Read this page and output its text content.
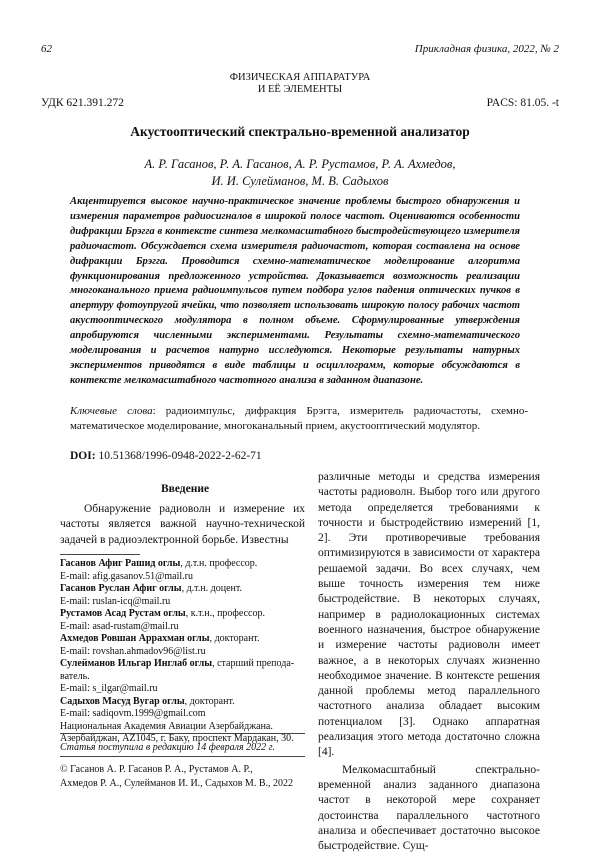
62	Прикладная физика, 2022, № 2
ФИЗИЧЕСКАЯ АППАРАТУРА
И ЕЁ ЭЛЕМЕНТЫ
УДК 621.391.272	PACS: 81.05. -t
Акустооптический спектрально-временной анализатор
А. Р. Гасанов, Р. А. Гасанов, А. Р. Рустамов, Р. А. Ахмедов,
И. И. Сулейманов, М. В. Садыхов
Акцентируется высокое научно-практическое значение проблемы быстрого обнаружения и измерения параметров радиосигналов в широкой полосе частот. Оцениваются особенности дифракции Брэгга в контексте синтеза мелкомасштабного быстродействующего измерителя радиочастот. Обсуждается схема измерителя радиочастот, которая составлена на основе дифракции Брэгга. Проводится схемно-математическое моделирование алгоритма функционирования предложенного устройства. Доказывается возможность реализации многоканального приема радиоимпульсов путем подбора углов падения оптических пучков в апертуру фотоупругой ячейки, что позволяет использовать широкую полосу рабочих частот акустооптического модулятора в полном объеме. Сформулированные утверждения апробируются численными экспериментами. Результаты схемно-математического моделирования и расчетов натурно исследуются. Некоторые результаты натурных экспериментов приводятся в виде таблицы и осциллограмм, которые обсуждаются в контексте мелкомасштабного частотного анализа в заданном диапазоне.
Ключевые слова: радиоимпульс, дифракция Брэгга, измеритель радиочастоты, схемно-математическое моделирование, многоканальный прием, акустооптический модулятор.
DOI: 10.51368/1996-0948-2022-2-62-71
Введение
Обнаружение радиоволн и измерение их частоты является важной научно-технической задачей в радиоэлектронной борьбе. Известны
Гасанов Афиг Рашид оглы, д.т.н. профессор.
E-mail: afig.gasanov.51@mail.ru
Гасанов Руслан Афиг оглы, д.т.н. доцент.
E-mail: ruslan-icq@mail.ru
Рустамов Асад Рустам оглы, к.т.н., профессор.
E-mail: asad-rustam@mail.ru
Ахмедов Ровшан Аррахман оглы, докторант.
E-mail: rovshan.ahmadov96@list.ru
Сулейманов Ильгар Инглаб оглы, старший препода-
ватель.
E-mail: s_ilgar@mail.ru
Садыхов Масуд Вугар оглы, докторант.
E-mail: sadiqovm.1999@gmail.com
Национальная Академия Авиации Азербайджана.
Азербайджан, AZ1045, г. Баку, проспект Мардакан, 30.
Статья поступила в редакцию 14 февраля 2022 г.
© Гасанов А. Р. Гасанов Р. А., Рустамов А. Р.,
Ахмедов Р. А., Сулейманов И. И., Садыхов М. В., 2022

различные методы и средства измерения частоты радиоволн. Выбор того или другого метода определяется требованиями к точности и быстродействию измерений [1, 2]. Эти противоречивые требования оптимизируются в зависимости от характера решаемой задачи. Во всех случаях, чем выше точность измерения тем ниже быстродействие. В некоторых случаях, например в радиолокационных системах военного назначения, быстрое обнаружение и измерение частоты радиоволн имеет важное, а в некоторых случаях жизненно необходимое значение. В контексте решения данной проблемы метод параллельного частотного анализа обладает высоким потенциалом [3]. Однако аппаратная реализация этого метода достаточно сложна [4].

Мелкомасштабный спектрально-временной анализ заданного диапазона частот в некоторой мере сохраняет достоинства параллельного частотного анализа и обеспечивает достаточно высокое быстродействие. Сущ-
